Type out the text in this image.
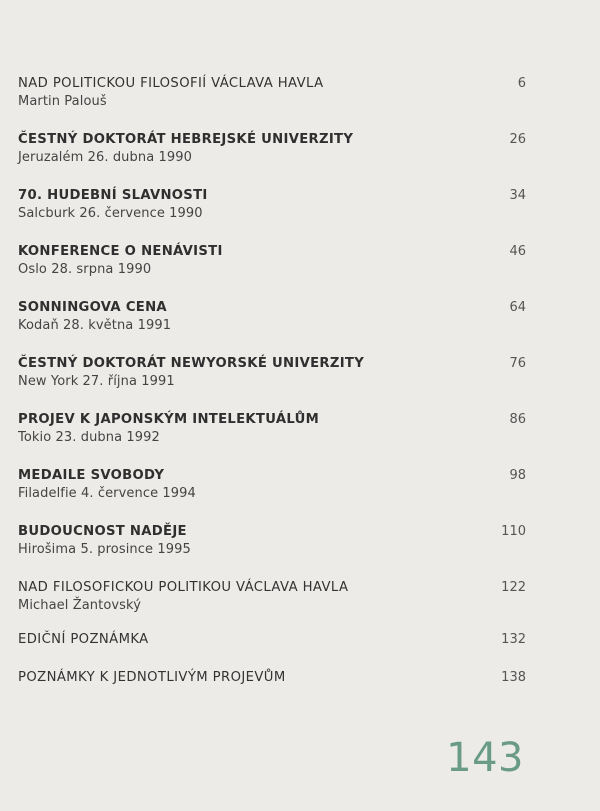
NAD POLITICKOU FILOSOFIÍ VÁCLAVA HAVLA	6
Martin Palouš
ČESTNÝ DOKTORÁT HEBREJSKÉ UNIVERZITY	26
Jeruzalém 26. dubna 1990
70. HUDEBNÍ SLAVNOSTI	34
Salcburk 26. července 1990
KONFERENCE O NENÁVISTI	46
Oslo 28. srpna 1990
SONNINGOVA CENA	64
Kodaň 28. května 1991
ČESTNÝ DOKTORÁT NEWYORSKÉ UNIVERZITY	76
New York 27. října 1991
PROJEV K JAPONSKÝM INTELEKTUÁLŮM	86
Tokio 23. dubna 1992
MEDAILE SVOBODY	98
Filadelfie 4. července 1994
BUDOUCNOST NADĚJE	110
Hirošima 5. prosince 1995
NAD FILOSOFICKOU POLITIKOU VÁCLAVA HAVLA	122
Michael Žantovský
EDIČNÍ POZNÁMKA	132
POZNÁMKY K JEDNOTLIVÝM PROJEVŮM	138
143
